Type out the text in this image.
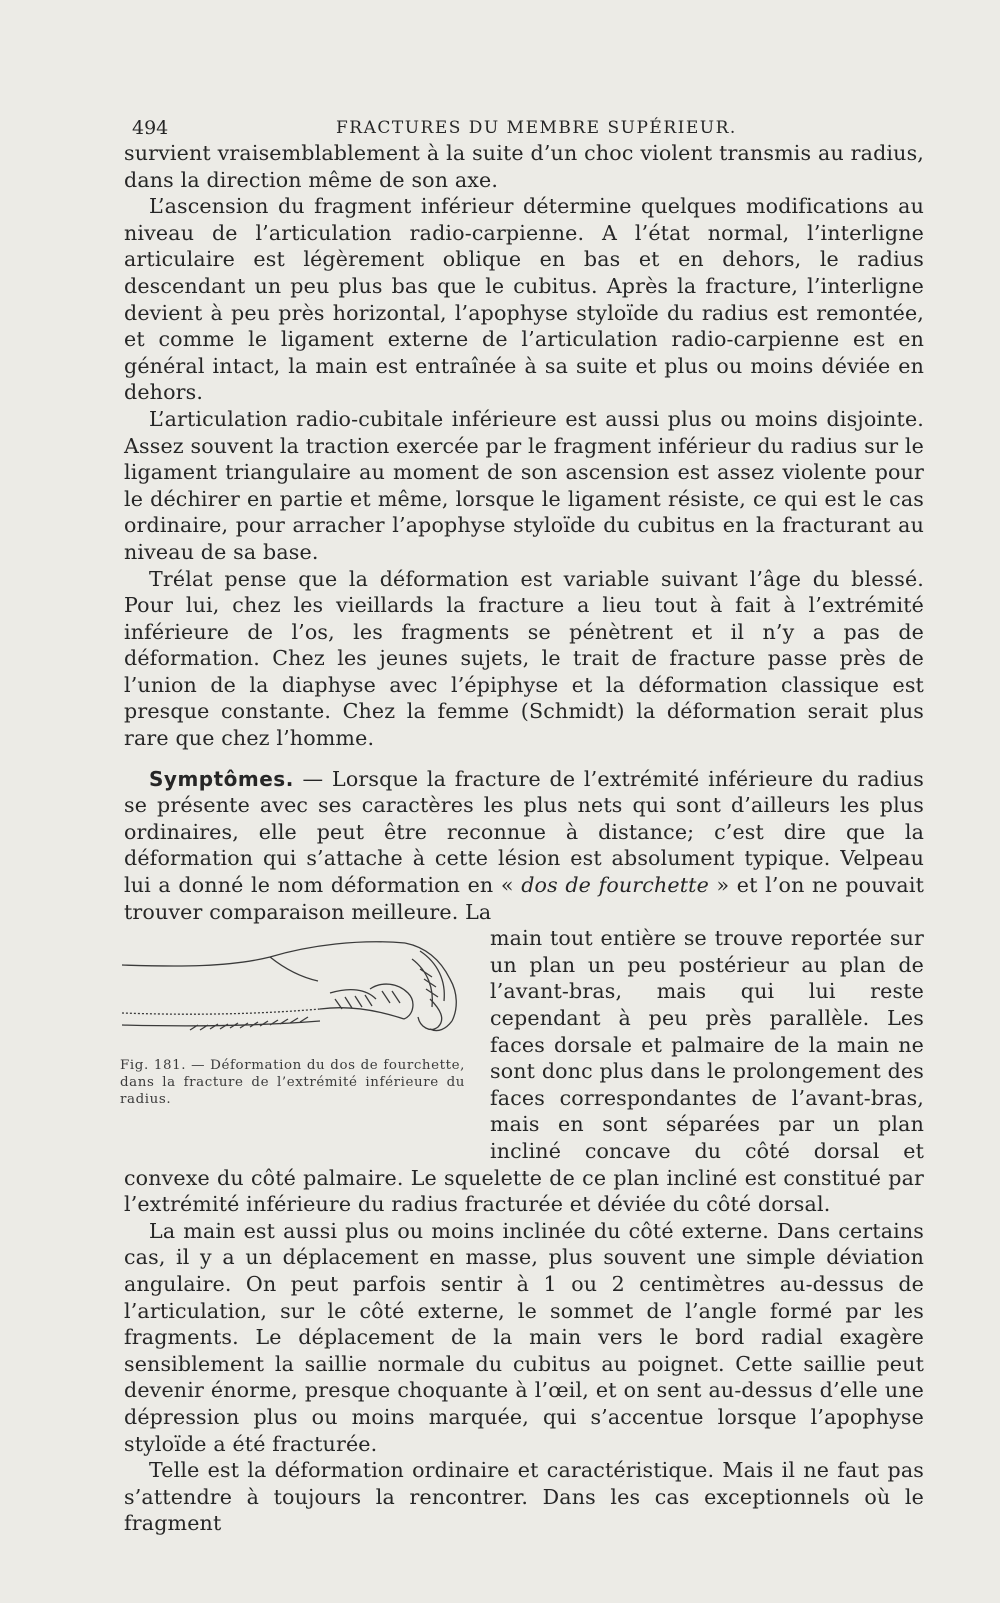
494	FRACTURES DU MEMBRE SUPÉRIEUR.

survient vraisemblablement à la suite d’un choc violent transmis au radius, dans la direction même de son axe.

L’ascension du fragment inférieur détermine quelques modifications au niveau de l’articulation radio-carpienne. A l’état normal, l’interligne articulaire est légèrement oblique en bas et en dehors, le radius descendant un peu plus bas que le cubitus. Après la fracture, l’interligne devient à peu près horizontal, l’apophyse styloïde du radius est remontée, et comme le ligament externe de l’articulation radio-carpienne est en général intact, la main est entraînée à sa suite et plus ou moins déviée en dehors.

L’articulation radio-cubitale inférieure est aussi plus ou moins disjointe. Assez souvent la traction exercée par le fragment inférieur du radius sur le ligament triangulaire au moment de son ascension est assez violente pour le déchirer en partie et même, lorsque le ligament résiste, ce qui est le cas ordinaire, pour arracher l’apophyse styloïde du cubitus en la fracturant au niveau de sa base.

Trélat pense que la déformation est variable suivant l’âge du blessé. Pour lui, chez les vieillards la fracture a lieu tout à fait à l’extrémité inférieure de l’os, les fragments se pénètrent et il n’y a pas de déformation. Chez les jeunes sujets, le trait de fracture passe près de l’union de la diaphyse avec l’épiphyse et la déformation classique est presque constante. Chez la femme (Schmidt) la déformation serait plus rare que chez l’homme.

Symptômes. — Lorsque la fracture de l’extrémité inférieure du radius se présente avec ses caractères les plus nets qui sont d’ailleurs les plus ordinaires, elle peut être reconnue à distance; c’est dire que la déformation qui s’attache à cette lésion est absolument typique. Velpeau lui a donné le nom déformation en « dos de fourchette » et l’on ne pouvait trouver comparaison meilleure. La

Fig. 181. — Déformation du dos de fourchette, dans la fracture de l’extrémité inférieure du radius.

main tout entière se trouve reportée sur un plan un peu postérieur au plan de l’avant-bras, mais qui lui reste cependant à peu près parallèle. Les faces dorsale et palmaire de la main ne sont donc plus dans le prolongement des faces correspondantes de l’avant-bras, mais en sont séparées par un plan incliné concave du côté dorsal et convexe du côté palmaire. Le squelette de ce plan incliné est constitué par l’extrémité inférieure du radius fracturée et déviée du côté dorsal.

La main est aussi plus ou moins inclinée du côté externe. Dans certains cas, il y a un déplacement en masse, plus souvent une simple déviation angulaire. On peut parfois sentir à 1 ou 2 centimètres au-dessus de l’articulation, sur le côté externe, le sommet de l’angle formé par les fragments. Le déplacement de la main vers le bord radial exagère sensiblement la saillie normale du cubitus au poignet. Cette saillie peut devenir énorme, presque choquante à l’œil, et on sent au-dessus d’elle une dépression plus ou moins marquée, qui s’accentue lorsque l’apophyse styloïde a été fracturée.

Telle est la déformation ordinaire et caractéristique. Mais il ne faut pas s’attendre à toujours la rencontrer. Dans les cas exceptionnels où le fragment
